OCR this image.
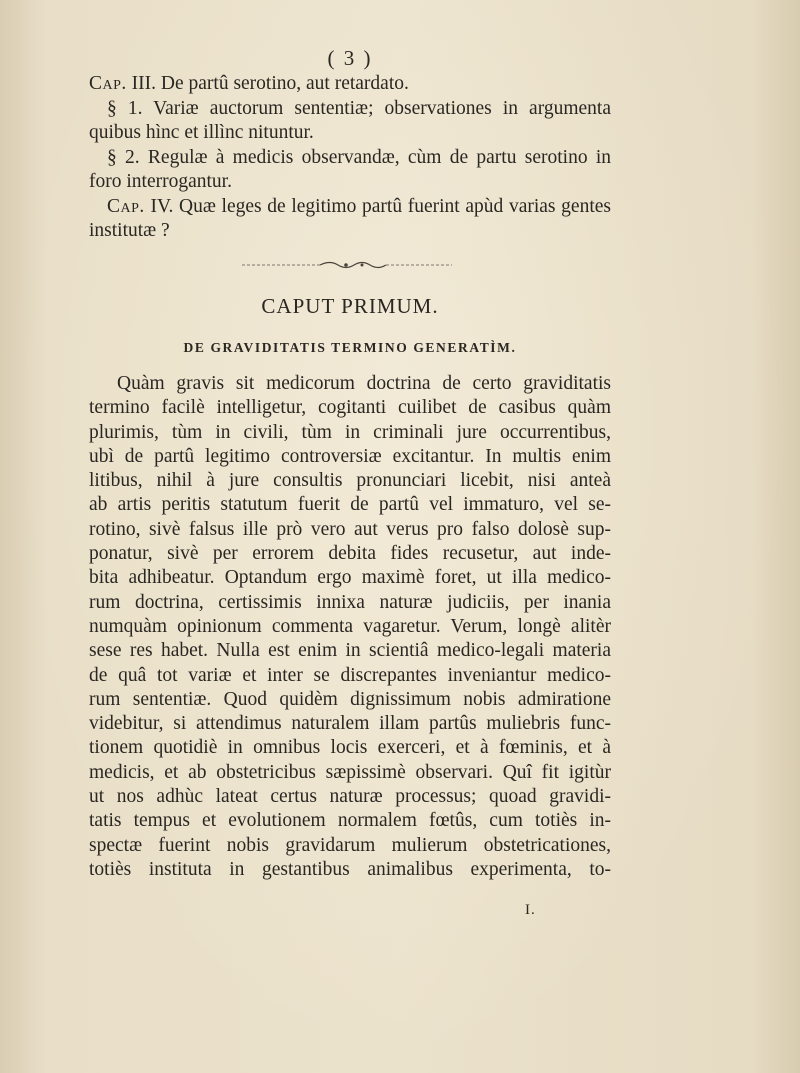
( 3 )

Cap. III. De partû serotino, aut retardato.

§ 1. Variæ auctorum sententiæ; observationes in argumenta quibus hìnc et illìnc nituntur.

§ 2. Regulæ à medicis observandæ, cùm de partu serotino in foro interrogantur.

Cap. IV. Quæ leges de legitimo partû fuerint apùd varias gentes institutæ ?

CAPUT PRIMUM.
DE GRAVIDITATIS TERMINO GENERATÌM.
Quàm gravis sit medicorum doctrina de certo graviditatis
termino facilè intelligetur, cogitanti cuilibet de casibus quàm
plurimis, tùm in civili, tùm in criminali jure occurrentibus,
ubì de partû legitimo controversiæ excitantur. In multis enim
litibus, nihil à jure consultis pronunciari licebit, nisi anteà
ab artis peritis statutum fuerit de partû vel immaturo, vel se-
rotino, sivè falsus ille prò vero aut verus pro falso dolosè sup-
ponatur, sivè per errorem debita fides recusetur, aut inde-
bita adhibeatur. Optandum ergo maximè foret, ut illa medico-
rum doctrina, certissimis innixa naturæ judiciis, per inania
numquàm opinionum commenta vagaretur. Verum, longè alitèr
sese res habet. Nulla est enim in scientiâ medico-legali materia
de quâ tot variæ et inter se discrepantes inveniantur medico-
rum sententiæ. Quod quidèm dignissimum nobis admiratione
videbitur, si attendimus naturalem illam partûs muliebris func-
tionem quotidiè in omnibus locis exerceri, et à fœminis, et à
medicis, et ab obstetricibus sæpissimè observari. Quî fit igitùr
ut nos adhùc lateat certus naturæ processus; quoad gravidi-
tatis tempus et evolutionem normalem fœtûs, cum totiès in-
spectæ fuerint nobis gravidarum mulierum obstetricationes,
totiès instituta in gestantibus animalibus experimenta, to-
I.
